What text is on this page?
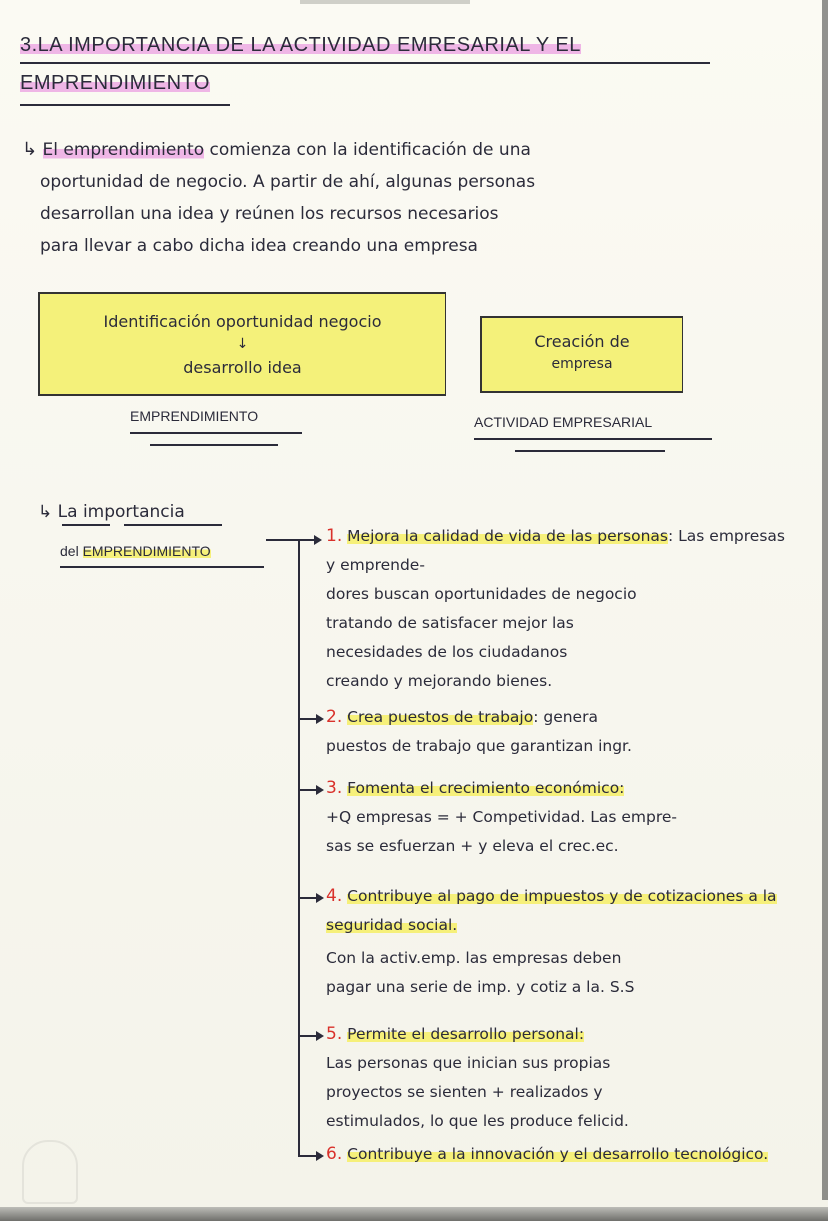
3.LA IMPORTANCIA DE LA ACTIVIDAD EMRESARIAL Y EL
EMPRENDIMIENTO

↳ El emprendimiento comienza con la identificación de una

oportunidad de negocio. A partir de ahí, algunas personas

desarrollan una idea y reúnen los recursos necesarios

para llevar a cabo dicha idea creando una empresa

Identificación oportunidad negocio
↓
desarrollo idea
EMPRENDIMIENTO
Creación de
empresa
ACTIVIDAD EMPRESARIAL
↳ La importancia
del EMPRENDIMIENTO
1. Mejora la calidad de vida de las personas: Las empresas y emprende-
dores buscan oportunidades de negocio
tratando de satisfacer mejor las
necesidades de los ciudadanos
creando y mejorando bienes.
2. Crea puestos de trabajo: genera
puestos de trabajo que garantizan ingr.
3. Fomenta el crecimiento económico:
+Q empresas = + Competividad. Las empre-
sas se esfuerzan + y eleva el crec.ec.
4. Contribuye al pago de impuestos y de cotizaciones a la seguridad social.
Con la activ.emp. las empresas deben
pagar una serie de imp. y cotiz a la. S.S
5. Permite el desarrollo personal:
Las personas que inician sus propias
proyectos se sienten + realizados y
estimulados, lo que les produce felicid.
6. Contribuye a la innovación y el desarrollo tecnológico.
